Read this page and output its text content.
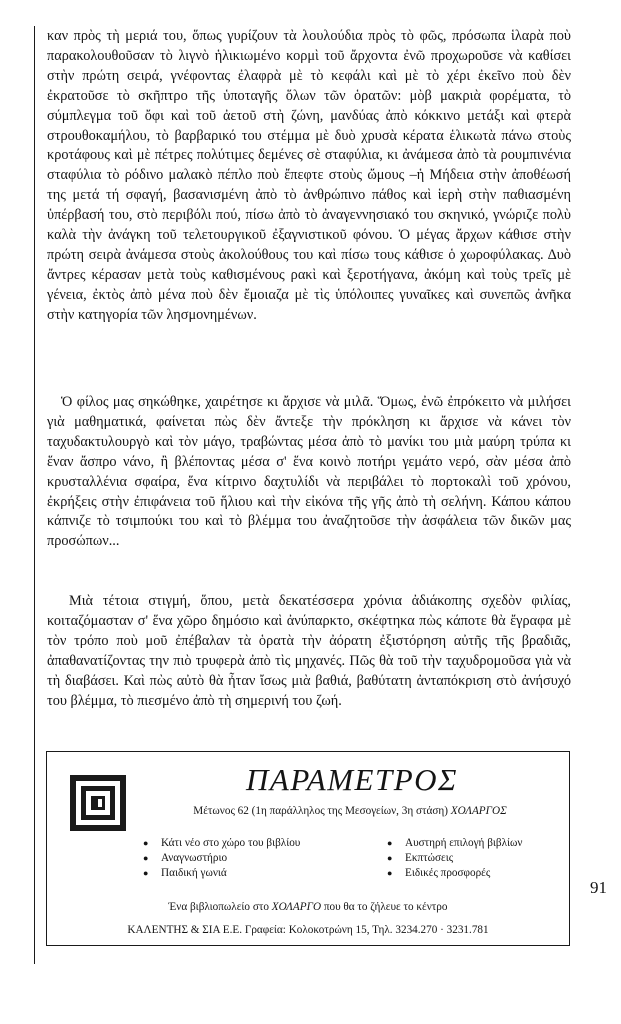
καν πρὸς τὴ μεριά του, ὅπως γυρίζουν τὰ λουλούδια πρὸς τὸ φῶς, πρόσωπα ἱλαρὰ ποὺ παρακολουθοῦσαν τὸ λιγνὸ ἡλικιωμένο κορμὶ τοῦ ἄρχοντα ἐνῶ προχωροῦσε νὰ καθίσει στὴν πρώτη σειρά, γνέφοντας ἐλαφρὰ μὲ τὸ κεφάλι καὶ μὲ τὸ χέρι ἐκεῖνο ποὺ δὲν ἐκρατοῦσε τὸ σκῆπτρο τῆς ὑποταγῆς ὅλων τῶν ὁρατῶν: μὸβ μακριὰ φορέματα, τὸ σύμπλεγμα τοῦ ὄφι καὶ τοῦ ἀετοῦ στὴ ζώνη, μανδύας ἀπὸ κόκκινο μετάξι καὶ φτερὰ στρουθοκαμήλου, τὸ βαρβαρικό του στέμμα μὲ δυὸ χρυσὰ κέρατα ἑλικωτὰ πάνω στοὺς κροτάφους καὶ μὲ πέτρες πολύτιμες δεμένες σὲ σταφύλια, κι ἀνάμεσα ἀπὸ τὰ ρουμπινένια σταφύλια τὸ ρόδινο μαλακὸ πέπλο ποὺ ἔπεφτε στοὺς ὤμους –ἡ Μήδεια στὴν ἀποθέωσή της μετά τή σφαγή, βασανισμένη ἀπὸ τὸ ἀνθρώπινο πάθος καὶ ἱερὴ στὴν παθιασμένη ὑπέρβασή του, στὸ περιβόλι πού, πίσω ἀπὸ τὸ ἀναγεννησιακό του σκηνικό, γνώριζε πολὺ καλὰ τὴν ἀνάγκη τοῦ τελετουργικοῦ ἐξαγνιστικοῦ φόνου. Ὁ μέγας ἄρχων κάθισε στὴν πρώτη σειρὰ ἀνάμεσα στοὺς ἀκολούθους του καὶ πίσω τους κάθισε ὁ χωροφύλακας. Δυὸ ἄντρες κέρασαν μετὰ τοὺς καθισμένους ρακὶ καὶ ξεροτήγανα, ἀκόμη καὶ τοὺς τρεῖς μὲ γένεια, ἐκτὸς ἀπὸ μένα ποὺ δὲν ἔμοιαζα μὲ τὶς ὑπόλοιπες γυναῖκες καὶ συνεπῶς ἀνῆκα στὴν κατηγορία τῶν λησμονημένων.

Ὁ φίλος μας σηκώθηκε, χαιρέτησε κι ἄρχισε νὰ μιλᾶ. Ὅμως, ἐνῶ ἐπρόκειτο νὰ μιλήσει γιὰ μαθηματικά, φαίνεται πὼς δὲν ἄντεξε τὴν πρόκληση κι ἄρχισε νὰ κάνει τὸν ταχυδακτυλουργὸ καὶ τὸν μάγο, τραβώντας μέσα ἀπὸ τὸ μανίκι του μιὰ μαύρη τρύπα κι ἕναν ἄσπρο νάνο, ἢ βλέποντας μέσα σ' ἕνα κοινὸ ποτήρι γεμάτο νερό, σὰν μέσα ἀπὸ κρυσταλλένια σφαίρα, ἕνα κίτρινο δαχτυλίδι νὰ περιβάλει τὸ πορτοκαλὶ τοῦ χρόνου, ἐκρήξεις στὴν ἐπιφάνεια τοῦ ἥλιου καὶ τὴν εἰκόνα τῆς γῆς ἀπὸ τὴ σελήνη. Κάπου κάπου κάπνιζε τὸ τσιμπούκι του καὶ τὸ βλέμμα του ἀναζητοῦσε τὴν ἀσφάλεια τῶν δικῶν μας προσώπων...

Μιὰ τέτοια στιγμή, ὅπου, μετὰ δεκατέσσερα χρόνια ἀδιάκοπης σχεδὸν φιλίας, κοιταζόμασταν σ' ἕνα χῶρο δημόσιο καὶ ἀνύπαρκτο, σκέφτηκα πὼς κάποτε θὰ ἔγραφα μὲ τὸν τρόπο ποὺ μοῦ ἐπέβαλαν τὰ ὁρατὰ τὴν ἀόρατη ἐξιστόρηση αὐτῆς τῆς βραδιᾶς, ἀπαθανατίζοντας την πιὸ τρυφερὰ ἀπὸ τὶς μηχανές. Πῶς θὰ τοῦ τὴν ταχυδρομοῦσα γιὰ νὰ τὴ διαβάσει. Καὶ πὼς αὐτὸ θὰ ἦταν ἴσως μιὰ βαθιά, βαθύτατη ἀνταπόκριση στὸ ἀνήσυχό του βλέμμα, τὸ πιεσμένο ἀπὸ τὴ σημερινή του ζωή.

ΠΑΡΑΜΕΤΡΟΣ
Μέτωνος 62 (1η παράλληλος της Μεσογείων, 3η στάση) ΧΟΛΑΡΓΟΣ
● Κάτι νέο στο χώρο του βιβλίου
● Αναγνωστήριο
● Παιδική γωνιά
● Αυστηρή επιλογή βιβλίων
● Εκπτώσεις
● Ειδικές προσφορές
Ένα βιβλιοπωλείο στο ΧΟΛΑΡΓΟ που θα το ζήλευε το κέντρο
ΚΑΛΕΝΤΗΣ & ΣΙΑ Ε.Ε. Γραφεία: Κολοκοτρώνη 15, Τηλ. 3234.270 · 3231.781
91
